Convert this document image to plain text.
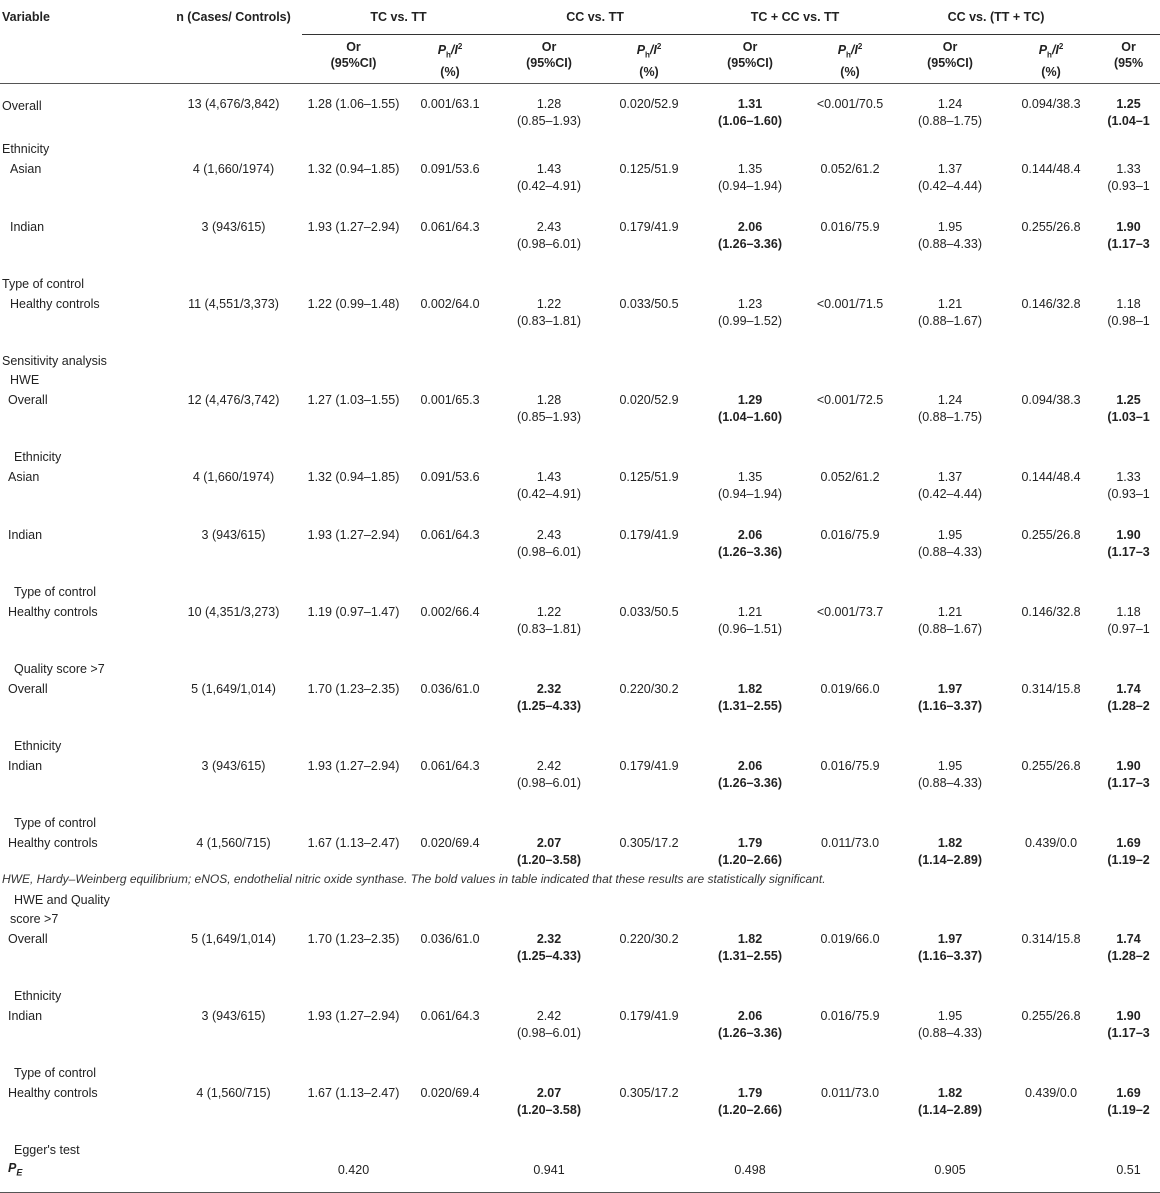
Variable	n (Cases/ Controls)	TC vs. TT		CC vs. TT		TC + CC vs. TT		CC vs. (TT + TC)		
		Or
(95%CI)	$P_h/I^2$
(%)	Or
(95%CI)	$P_h/I^2$
(%)	Or
(95%CI)	$P_h/I^2$
(%)	Or
(95%CI)	$P_h/I^2$
(%)	Or
(95%

Overall	13 (4,676/3,842)	1.28 (1.06–1.55)	0.001/63.1	1.28
(0.85–1.93)	0.020/52.9	1.31
(1.06–1.60)	<0.001/70.5	1.24
(0.88–1.75)	0.094/38.3	1.25
(1.04–1

Ethnicity
Asian	4 (1,660/1974)	1.32 (0.94–1.85)	0.091/53.6	1.43
(0.42–4.91)	0.125/51.9	1.35
(0.94–1.94)	0.052/61.2	1.37
(0.42–4.44)	0.144/48.4	1.33
(0.93–1

Indian	3 (943/615)	1.93 (1.27–2.94)	0.061/64.3	2.43
(0.98–6.01)	0.179/41.9	2.06
(1.26–3.36)	0.016/75.9	1.95
(0.88–4.33)	0.255/26.8	1.90
(1.17–3

Type of control
Healthy controls	11 (4,551/3,373)	1.22 (0.99–1.48)	0.002/64.0	1.22
(0.83–1.81)	0.033/50.5	1.23
(0.99–1.52)	<0.001/71.5	1.21
(0.88–1.67)	0.146/32.8	1.18
(0.98–1

Sensitivity analysis
HWE
Overall	12 (4,476/3,742)	1.27 (1.03–1.55)	0.001/65.3	1.28
(0.85–1.93)	0.020/52.9	1.29
(1.04–1.60)	<0.001/72.5	1.24
(0.88–1.75)	0.094/38.3	1.25
(1.03–1

Ethnicity
Asian	4 (1,660/1974)	1.32 (0.94–1.85)	0.091/53.6	1.43
(0.42–4.91)	0.125/51.9	1.35
(0.94–1.94)	0.052/61.2	1.37
(0.42–4.44)	0.144/48.4	1.33
(0.93–1

Indian	3 (943/615)	1.93 (1.27–2.94)	0.061/64.3	2.43
(0.98–6.01)	0.179/41.9	2.06
(1.26–3.36)	0.016/75.9	1.95
(0.88–4.33)	0.255/26.8	1.90
(1.17–3

Type of control
Healthy controls	10 (4,351/3,273)	1.19 (0.97–1.47)	0.002/66.4	1.22
(0.83–1.81)	0.033/50.5	1.21
(0.96–1.51)	<0.001/73.7	1.21
(0.88–1.67)	0.146/32.8	1.18
(0.97–1

Quality score >7
Overall	5 (1,649/1,014)	1.70 (1.23–2.35)	0.036/61.0	2.32
(1.25–4.33)	0.220/30.2	1.82
(1.31–2.55)	0.019/66.0	1.97
(1.16–3.37)	0.314/15.8	1.74
(1.28–2

Ethnicity
Indian	3 (943/615)	1.93 (1.27–2.94)	0.061/64.3	2.42
(0.98–6.01)	0.179/41.9	2.06
(1.26–3.36)	0.016/75.9	1.95
(0.88–4.33)	0.255/26.8	1.90
(1.17–3

Type of control
Healthy controls	4 (1,560/715)	1.67 (1.13–2.47)	0.020/69.4	2.07
(1.20–3.58)	0.305/17.2	1.79
(1.20–2.66)	0.011/73.0	1.82
(1.14–2.89)	0.439/0.0	1.69
(1.19–2

HWE and Quality
score >7
Overall	5 (1,649/1,014)	1.70 (1.23–2.35)	0.036/61.0	2.32
(1.25–4.33)	0.220/30.2	1.82
(1.31–2.55)	0.019/66.0	1.97
(1.16–3.37)	0.314/15.8	1.74
(1.28–2

Ethnicity
Indian	3 (943/615)	1.93 (1.27–2.94)	0.061/64.3	2.42
(0.98–6.01)	0.179/41.9	2.06
(1.26–3.36)	0.016/75.9	1.95
(0.88–4.33)	0.255/26.8	1.90
(1.17–3

Type of control
Healthy controls	4 (1,560/715)	1.67 (1.13–2.47)	0.020/69.4	2.07
(1.20–3.58)	0.305/17.2	1.79
(1.20–2.66)	0.011/73.0	1.82
(1.14–2.89)	0.439/0.0	1.69
(1.19–2

Egger's test
$P_E$		0.420		0.941		0.498		0.905		0.51
HWE, Hardy–Weinberg equilibrium; eNOS, endothelial nitric oxide synthase. The bold values in table indicated that these results are statistically significant.
